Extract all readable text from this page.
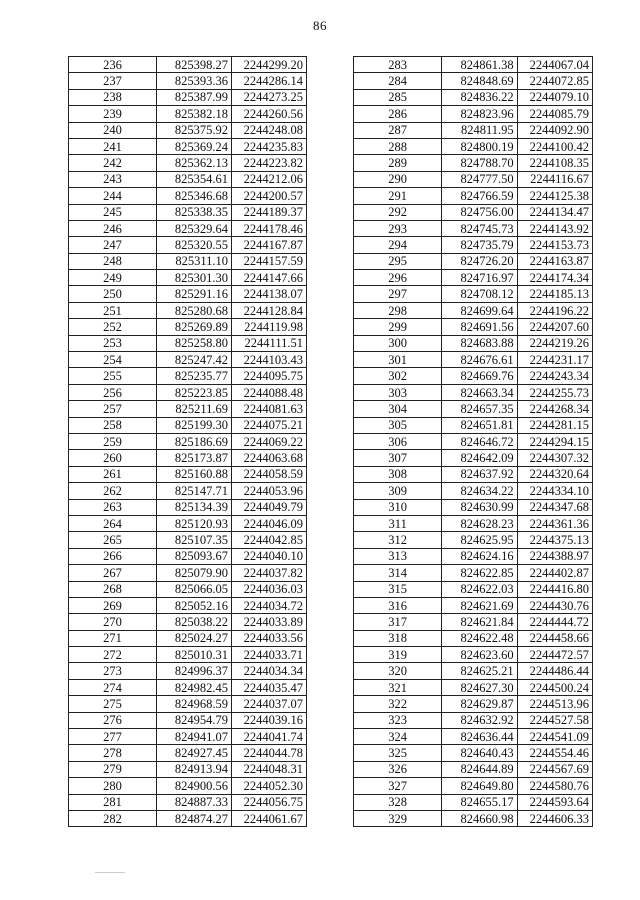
86
236	825398.27	2244299.20
237	825393.36	2244286.14
238	825387.99	2244273.25
239	825382.18	2244260.56
240	825375.92	2244248.08
241	825369.24	2244235.83
242	825362.13	2244223.82
243	825354.61	2244212.06
244	825346.68	2244200.57
245	825338.35	2244189.37
246	825329.64	2244178.46
247	825320.55	2244167.87
248	825311.10	2244157.59
249	825301.30	2244147.66
250	825291.16	2244138.07
251	825280.68	2244128.84
252	825269.89	2244119.98
253	825258.80	2244111.51
254	825247.42	2244103.43
255	825235.77	2244095.75
256	825223.85	2244088.48
257	825211.69	2244081.63
258	825199.30	2244075.21
259	825186.69	2244069.22
260	825173.87	2244063.68
261	825160.88	2244058.59
262	825147.71	2244053.96
263	825134.39	2244049.79
264	825120.93	2244046.09
265	825107.35	2244042.85
266	825093.67	2244040.10
267	825079.90	2244037.82
268	825066.05	2244036.03
269	825052.16	2244034.72
270	825038.22	2244033.89
271	825024.27	2244033.56
272	825010.31	2244033.71
273	824996.37	2244034.34
274	824982.45	2244035.47
275	824968.59	2244037.07
276	824954.79	2244039.16
277	824941.07	2244041.74
278	824927.45	2244044.78
279	824913.94	2244048.31
280	824900.56	2244052.30
281	824887.33	2244056.75
282	824874.27	2244061.67
283	824861.38	2244067.04
284	824848.69	2244072.85
285	824836.22	2244079.10
286	824823.96	2244085.79
287	824811.95	2244092.90
288	824800.19	2244100.42
289	824788.70	2244108.35
290	824777.50	2244116.67
291	824766.59	2244125.38
292	824756.00	2244134.47
293	824745.73	2244143.92
294	824735.79	2244153.73
295	824726.20	2244163.87
296	824716.97	2244174.34
297	824708.12	2244185.13
298	824699.64	2244196.22
299	824691.56	2244207.60
300	824683.88	2244219.26
301	824676.61	2244231.17
302	824669.76	2244243.34
303	824663.34	2244255.73
304	824657.35	2244268.34
305	824651.81	2244281.15
306	824646.72	2244294.15
307	824642.09	2244307.32
308	824637.92	2244320.64
309	824634.22	2244334.10
310	824630.99	2244347.68
311	824628.23	2244361.36
312	824625.95	2244375.13
313	824624.16	2244388.97
314	824622.85	2244402.87
315	824622.03	2244416.80
316	824621.69	2244430.76
317	824621.84	2244444.72
318	824622.48	2244458.66
319	824623.60	2244472.57
320	824625.21	2244486.44
321	824627.30	2244500.24
322	824629.87	2244513.96
323	824632.92	2244527.58
324	824636.44	2244541.09
325	824640.43	2244554.46
326	824644.89	2244567.69
327	824649.80	2244580.76
328	824655.17	2244593.64
329	824660.98	2244606.33
